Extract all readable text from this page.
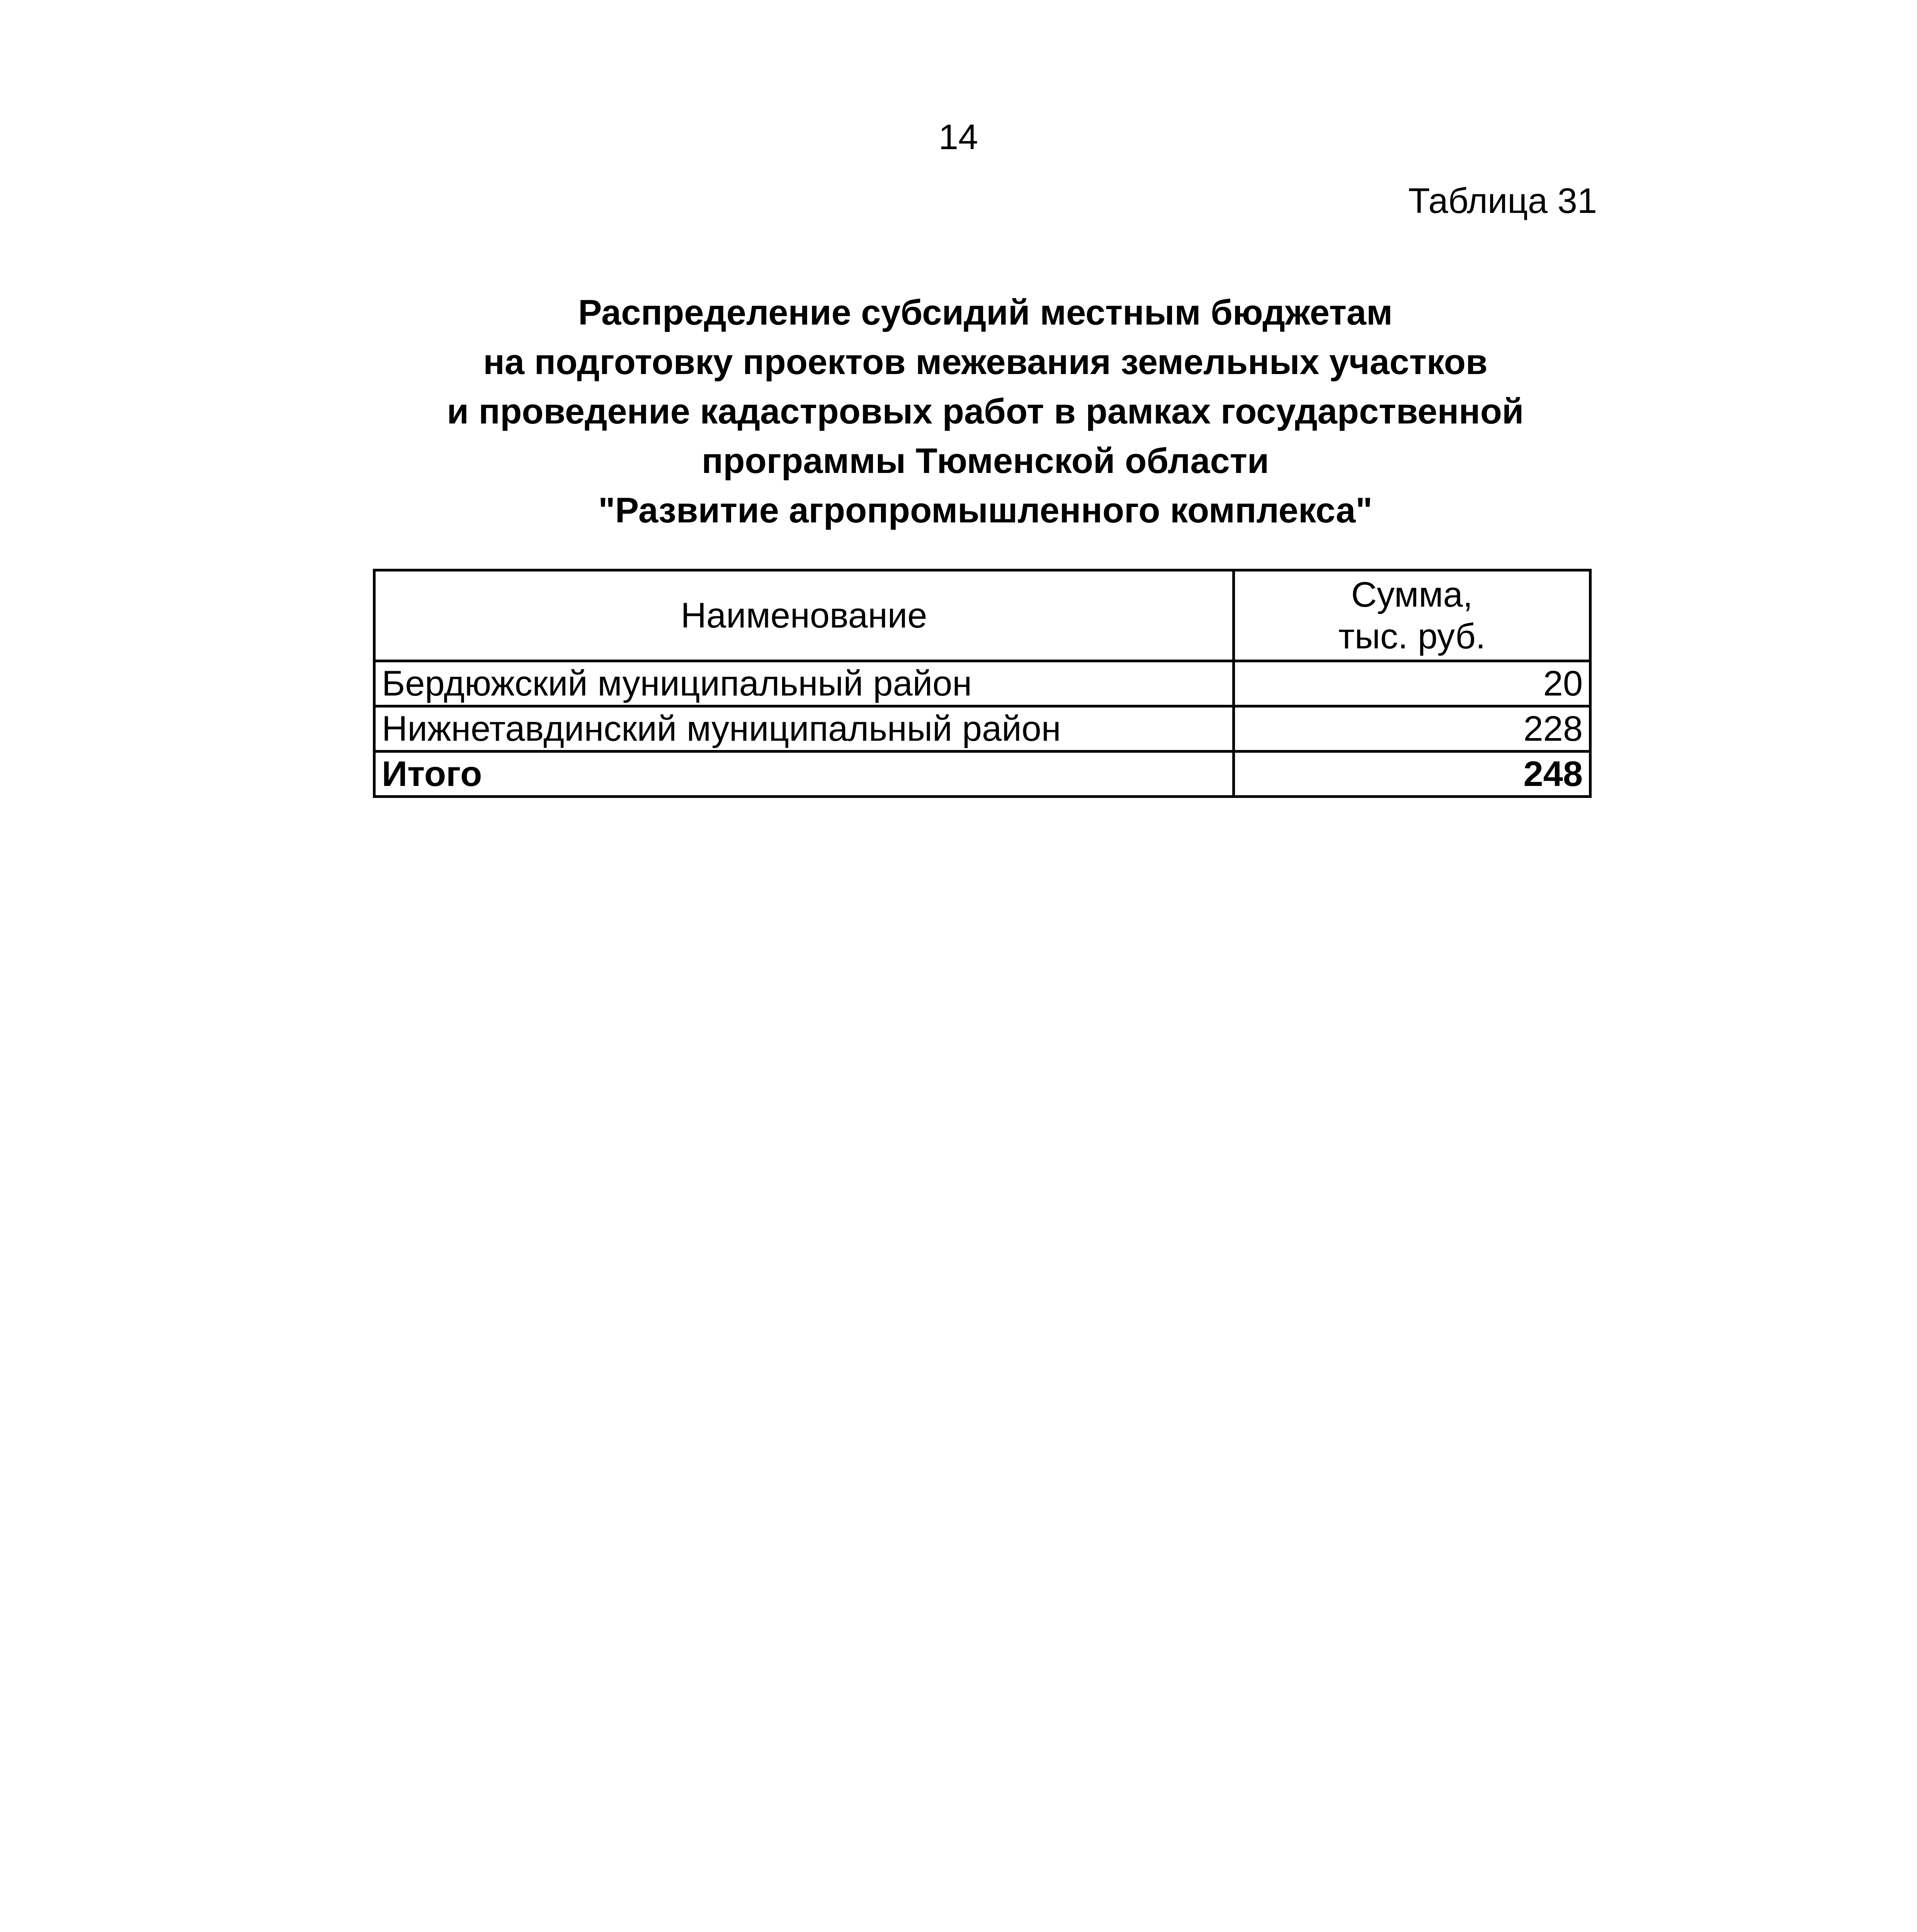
14
Таблица 31
Распределение субсидий местным бюджетам
на подготовку проектов межевания земельных участков
и проведение кадастровых работ в рамках государственной
программы Тюменской области
"Развитие агропромышленного комплекса"
Наименование	Сумма,
тыс. руб.

Бердюжский муниципальный район	20
Нижнетавдинский муниципальный район	228
Итого	248
